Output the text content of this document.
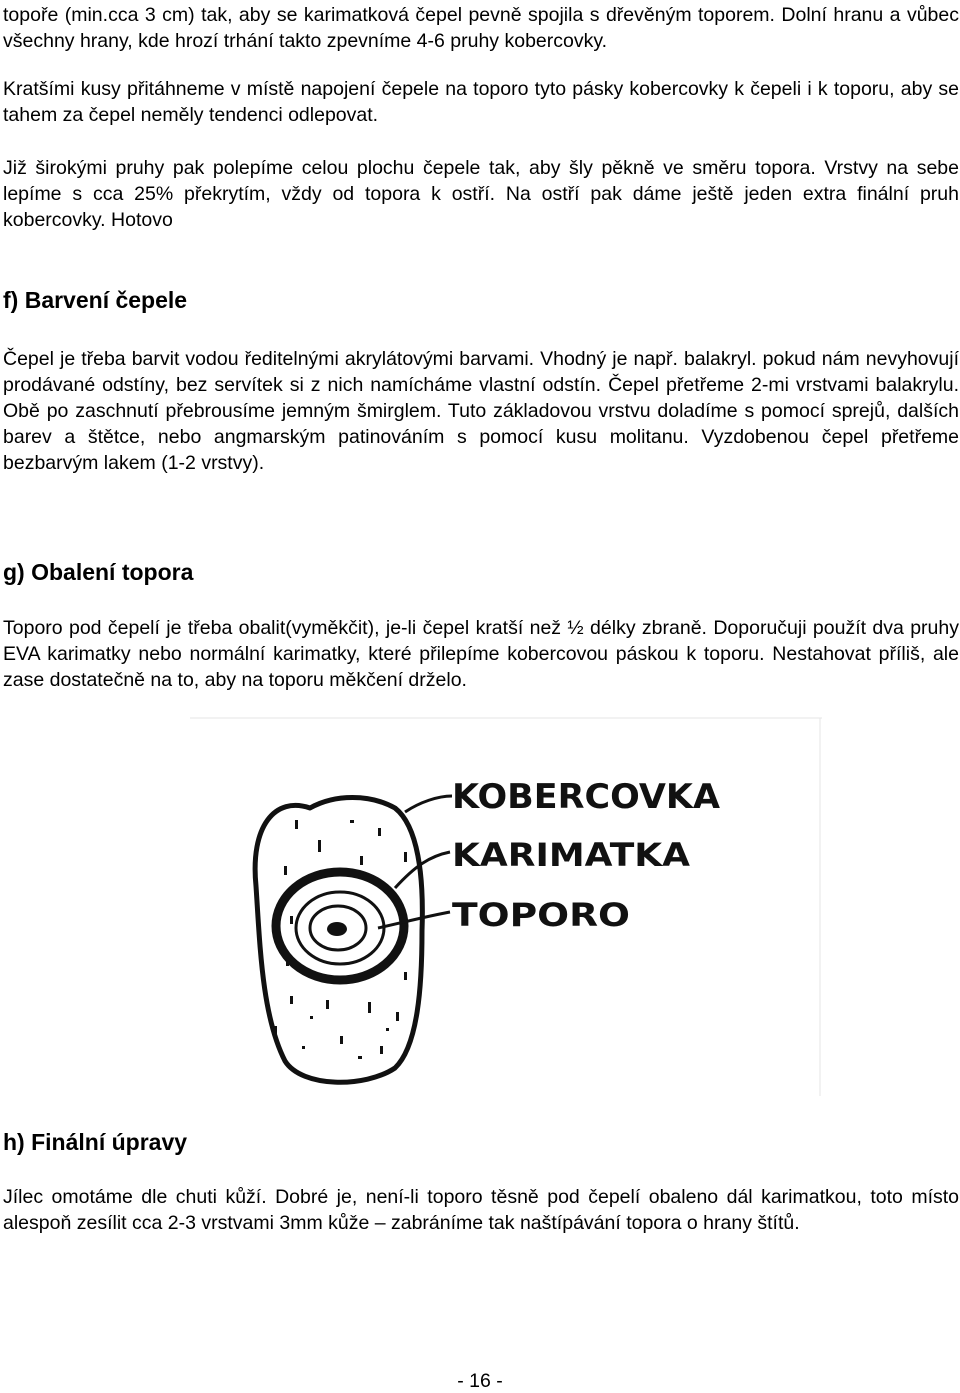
topoře (min.cca 3 cm) tak, aby se karimatková čepel pevně spojila s dřevěným toporem. Dolní hranu a vůbec všechny hrany, kde hrozí trhání takto zpevníme 4-6 pruhy kobercovky.

Kratšími kusy přitáhneme v místě napojení čepele na toporo tyto pásky kobercovky k čepeli i k toporu, aby se tahem za čepel neměly tendenci odlepovat.

Již širokými pruhy pak polepíme celou plochu čepele tak, aby šly pěkně ve směru topora. Vrstvy na sebe lepíme s cca 25% překrytím, vždy od topora k ostří. Na ostří pak dáme ještě jeden extra finální pruh kobercovky. Hotovo

f) Barvení čepele

Čepel je třeba barvit vodou ředitelnými akrylátovými barvami. Vhodný je např. balakryl. pokud nám nevyhovují prodávané odstíny, bez servítek si z nich namícháme vlastní odstín. Čepel přetřeme 2-mi vrstvami balakrylu. Obě po zaschnutí přebrousíme jemným šmirglem. Tuto základovou vrstvu doladíme s pomocí sprejů, dalších barev a štětce, nebo angmarským patinováním s pomocí kusu molitanu. Vyzdobenou čepel přetřeme bezbarvým lakem (1-2 vrstvy).

g) Obalení topora

Toporo pod čepelí je třeba obalit(vyměkčit), je-li čepel kratší než ½ délky zbraně. Doporučuji použít dva pruhy EVA karimatky nebo normální karimatky, které přilepíme kobercovou páskou k toporu. Nestahovat příliš, ale zase dostatečně na to, aby na toporu měkčení drželo.

KOBERCOVKA
KARIMATKA
TOPORO
h) Finální úpravy

Jílec omotáme dle chuti kůží. Dobré je, není-li toporo těsně pod čepelí obaleno dál karimatkou, toto místo alespoň zesílit cca 2-3 vrstvami 3mm kůže – zabráníme tak naštípávání topora o hrany štítů.

- 16 -
